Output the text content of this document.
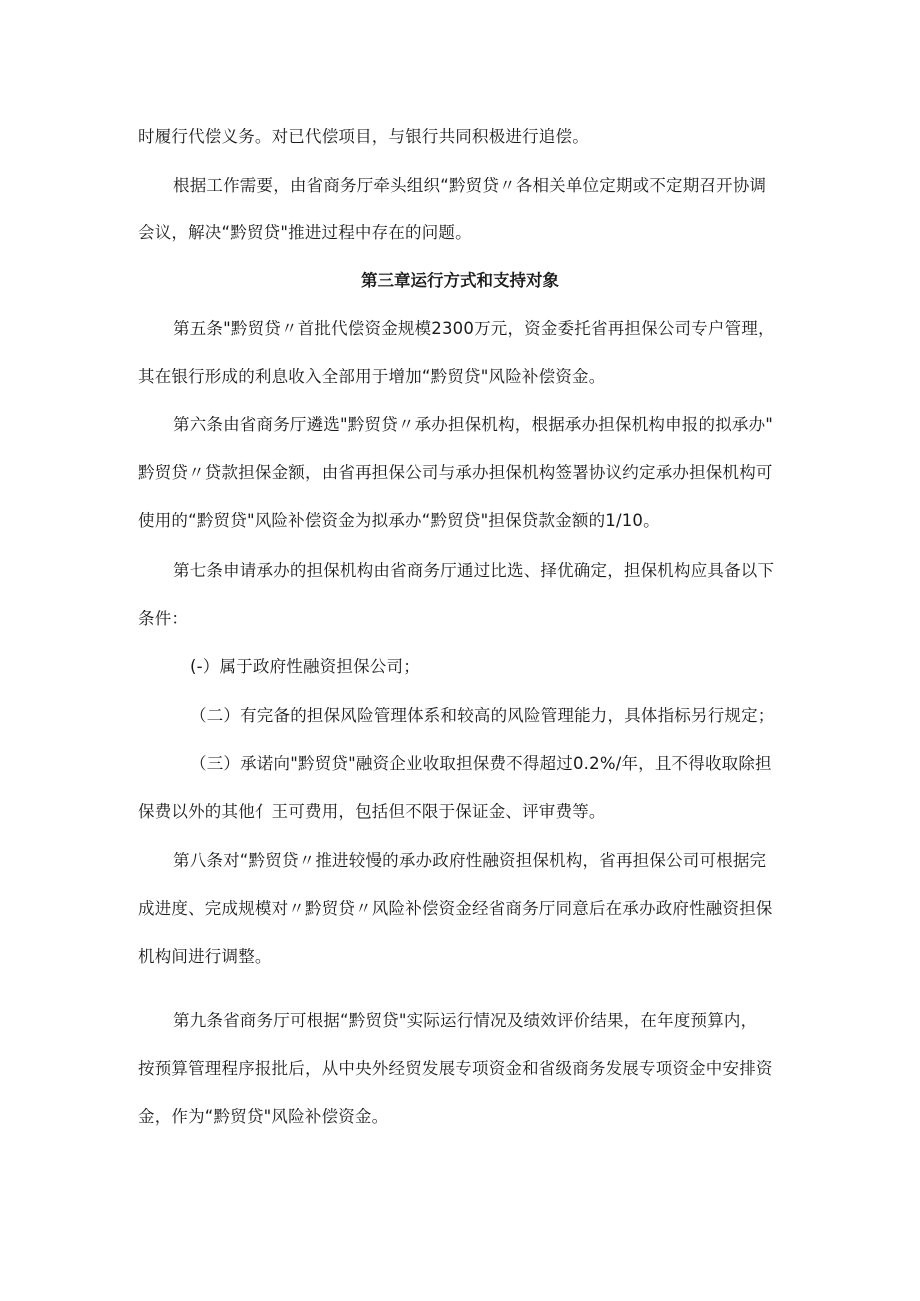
时履行代偿义务。对已代偿项目，与银行共同积极进行追偿。
根据工作需要，由省商务厅牵头组织“黔贸贷〃各相关单位定期或不定期召开协调
会议，解决“黔贸贷"推进过程中存在的问题。
第三章运行方式和支持对象
第五条"黔贸贷〃首批代偿资金规模2300万元，资金委托省再担保公司专户管理，
其在银行形成的利息收入全部用于增加“黔贸贷"风险补偿资金。
第六条由省商务厅遴选"黔贸贷〃承办担保机构，根据承办担保机构申报的拟承办"
黔贸贷〃贷款担保金额，由省再担保公司与承办担保机构签署协议约定承办担保机构可
使用的“黔贸贷"风险补偿资金为拟承办“黔贸贷"担保贷款金额的1/10。
第七条申请承办的担保机构由省商务厅通过比选、择优确定，担保机构应具备以下
条件：
(-）属于政府性融资担保公司；
（二）有完备的担保风险管理体系和较高的风险管理能力，具体指标另行规定；
（三）承诺向"黔贸贷"融资企业收取担保费不得超过0.2%/年，且不得收取除担
保费以外的其他亻王可费用，包括但不限于保证金、评审费等。
第八条对“黔贸贷〃推进较慢的承办政府性融资担保机构，省再担保公司可根据完
成进度、完成规模对〃黔贸贷〃风险补偿资金经省商务厅同意后在承办政府性融资担保
机构间进行调整。
第九条省商务厅可根据“黔贸贷"实际运行情况及绩效评价结果，在年度预算内，
按预算管理程序报批后，从中央外经贸发展专项资金和省级商务发展专项资金中安排资
金，作为“黔贸贷"风险补偿资金。
